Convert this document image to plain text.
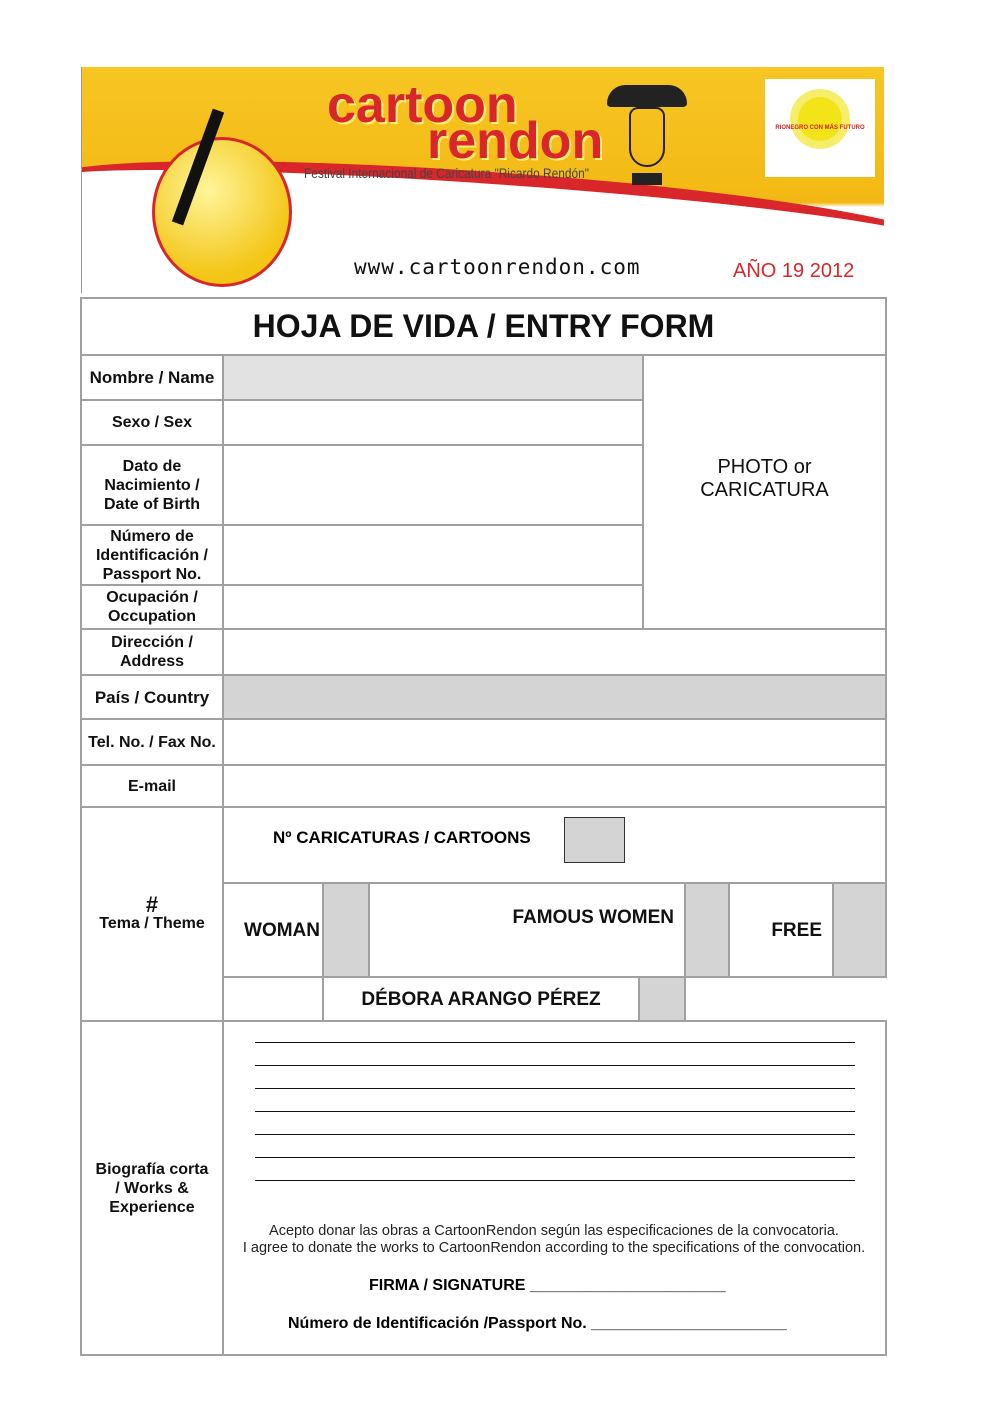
cartoon
rendon
Festival Internacional de Caricatura "Ricardo Rendón"
RIONEGRO CON MÁS FUTURO
www.cartoonrendon.com	AÑO 19 2012
HOJA DE VIDA / ENTRY FORM
Nombre / Name
Sexo / Sex
Dato de Nacimiento / Date of Birth
Número de Identificación / Passport No.
Ocupación / Occupation
Dirección / Address
País / Country
Tel. No. / Fax No.
E-mail
#
Tema / Theme
Biografía corta / Works & Experience
PHOTO or CARICATURA
Nº CARICATURAS / CARTOONS
WOMAN
FAMOUS WOMEN
FREE
DÉBORA ARANGO PÉREZ
Acepto donar las obras a CartoonRendon según las especificaciones de la convocatoria.
I agree to donate the works to CartoonRendon according to the specifications of the convocation.
FIRMA / SIGNATURE ______________________
Número de Identificación /Passport No. ______________________
